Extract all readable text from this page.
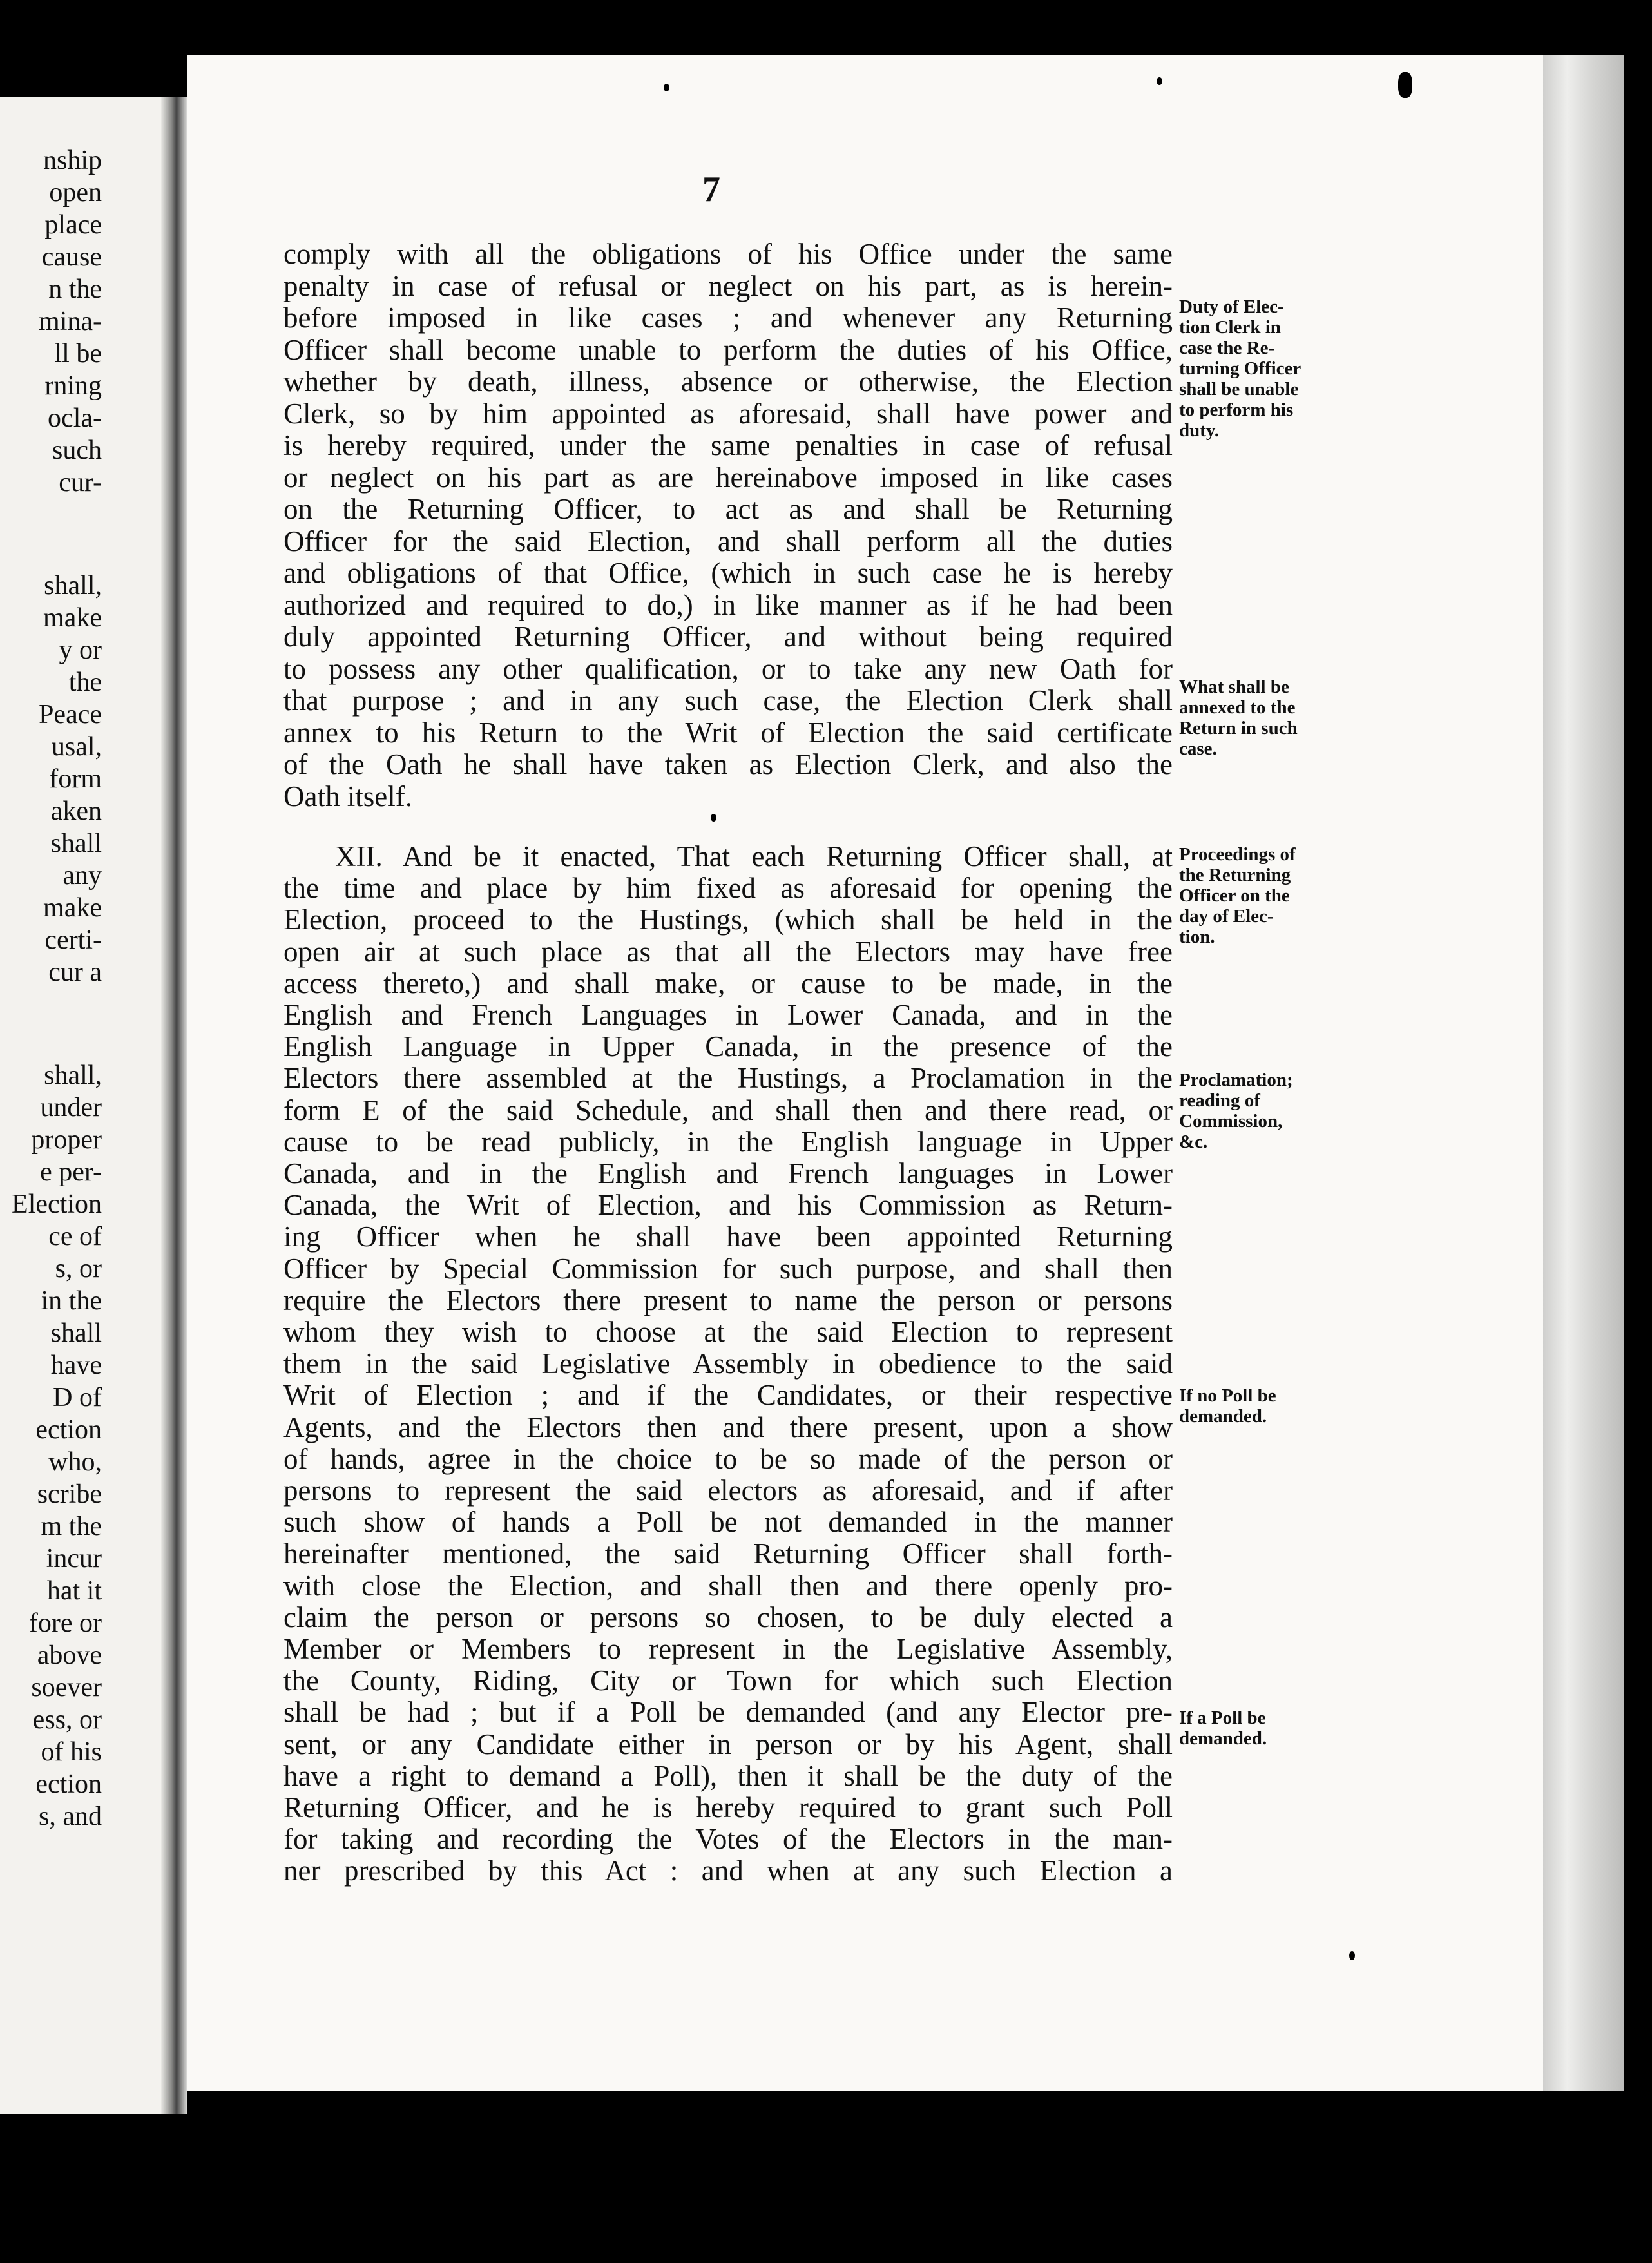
nship
open
place
cause
n the
mina-
ll be
rning
ocla-
such
cur-
shall,
make
y or
the
Peace
usal,
form
aken
shall
any
make
certi-
cur a
shall,
under
proper
e per-
Election
ce of
s, or
in the
shall
have
D of
ection
who,
scribe
m the
incur
hat it
fore or
above
soever
ess, or
of his
ection
s, and
7
comply with all the obligations of his Office under the same
penalty in case of refusal or neglect on his part, as is herein-
before imposed in like cases ; and whenever any Returning
Officer shall become unable to perform the duties of his Office,
whether by death, illness, absence or otherwise, the Election
Clerk, so by him appointed as aforesaid, shall have power and
is hereby required, under the same penalties in case of refusal
or neglect on his part as are hereinabove imposed in like cases
on the Returning Officer, to act as and shall be Returning
Officer for the said Election, and shall perform all the duties
and obligations of that Office, (which in such case he is hereby
authorized and required to do,) in like manner as if he had been
duly appointed Returning Officer, and without being required
to possess any other qualification, or to take any new Oath for
that purpose ; and in any such case, the Election Clerk shall
annex to his Return to the Writ of Election the said certificate
of the Oath he shall have taken as Election Clerk, and also the
Oath itself.
XII. And be it enacted, That each Returning Officer shall, at
the time and place by him fixed as aforesaid for opening the
Election, proceed to the Hustings, (which shall be held in the
open air at such place as that all the Electors may have free
access thereto,) and shall make, or cause to be made, in the
English and French Languages in Lower Canada, and in the
English Language in Upper Canada, in the presence of the
Electors there assembled at the Hustings, a Proclamation in the
form E of the said Schedule, and shall then and there read, or
cause to be read publicly, in the English language in Upper
Canada, and in the English and French languages in Lower
Canada, the Writ of Election, and his Commission as Return-
ing Officer when he shall have been appointed Returning
Officer by Special Commission for such purpose, and shall then
require the Electors there present to name the person or persons
whom they wish to choose at the said Election to represent
them in the said Legislative Assembly in obedience to the said
Writ of Election ; and if the Candidates, or their respective
Agents, and the Electors then and there present, upon a show
of hands, agree in the choice to be so made of the person or
persons to represent the said electors as aforesaid, and if after
such show of hands a Poll be not demanded in the manner
hereinafter mentioned, the said Returning Officer shall forth-
with close the Election, and shall then and there openly pro-
claim the person or persons so chosen, to be duly elected a
Member or Members to represent in the Legislative Assembly,
the County, Riding, City or Town for which such Election
shall be had ; but if a Poll be demanded (and any Elector pre-
sent, or any Candidate either in person or by his Agent, shall
have a right to demand a Poll), then it shall be the duty of the
Returning Officer, and he is hereby required to grant such Poll
for taking and recording the Votes of the Electors in the man-
ner prescribed by this Act : and when at any such Election a
Duty of Elec-
tion Clerk in
case the Re-
turning Officer
shall be unable
to perform his
duty.
What shall be
annexed to the
Return in such
case.
Proceedings of
the Returning
Officer on the
day of Elec-
tion.
Proclamation;
reading of
Commission,
&c.
If no Poll be
demanded.
If a Poll be
demanded.
